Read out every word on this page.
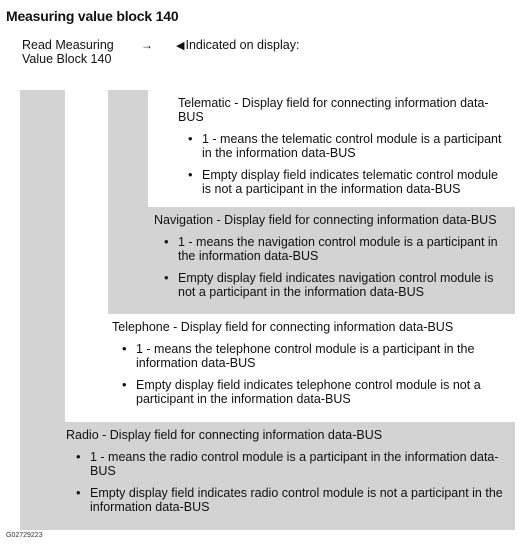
Measuring value block 140
Read Measuring Value Block 140
→ ◀Indicated on display:
Telematic - Display field for connecting information data-BUS
• 1 - means the telematic control module is a participant in the information data-BUS
• Empty display field indicates telematic control module is not a participant in the information data-BUS
Navigation - Display field for connecting information data-BUS
• 1 - means the navigation control module is a participant in the information data-BUS
• Empty display field indicates navigation control module is not a participant in the information data-BUS
Telephone - Display field for connecting information data-BUS
• 1 - means the telephone control module is a participant in the information data-BUS
• Empty display field indicates telephone control module is not a participant in the information data-BUS
Radio - Display field for connecting information data-BUS
• 1 - means the radio control module is a participant in the information data-BUS
• Empty display field indicates radio control module is not a participant in the information data-BUS
G02729223
